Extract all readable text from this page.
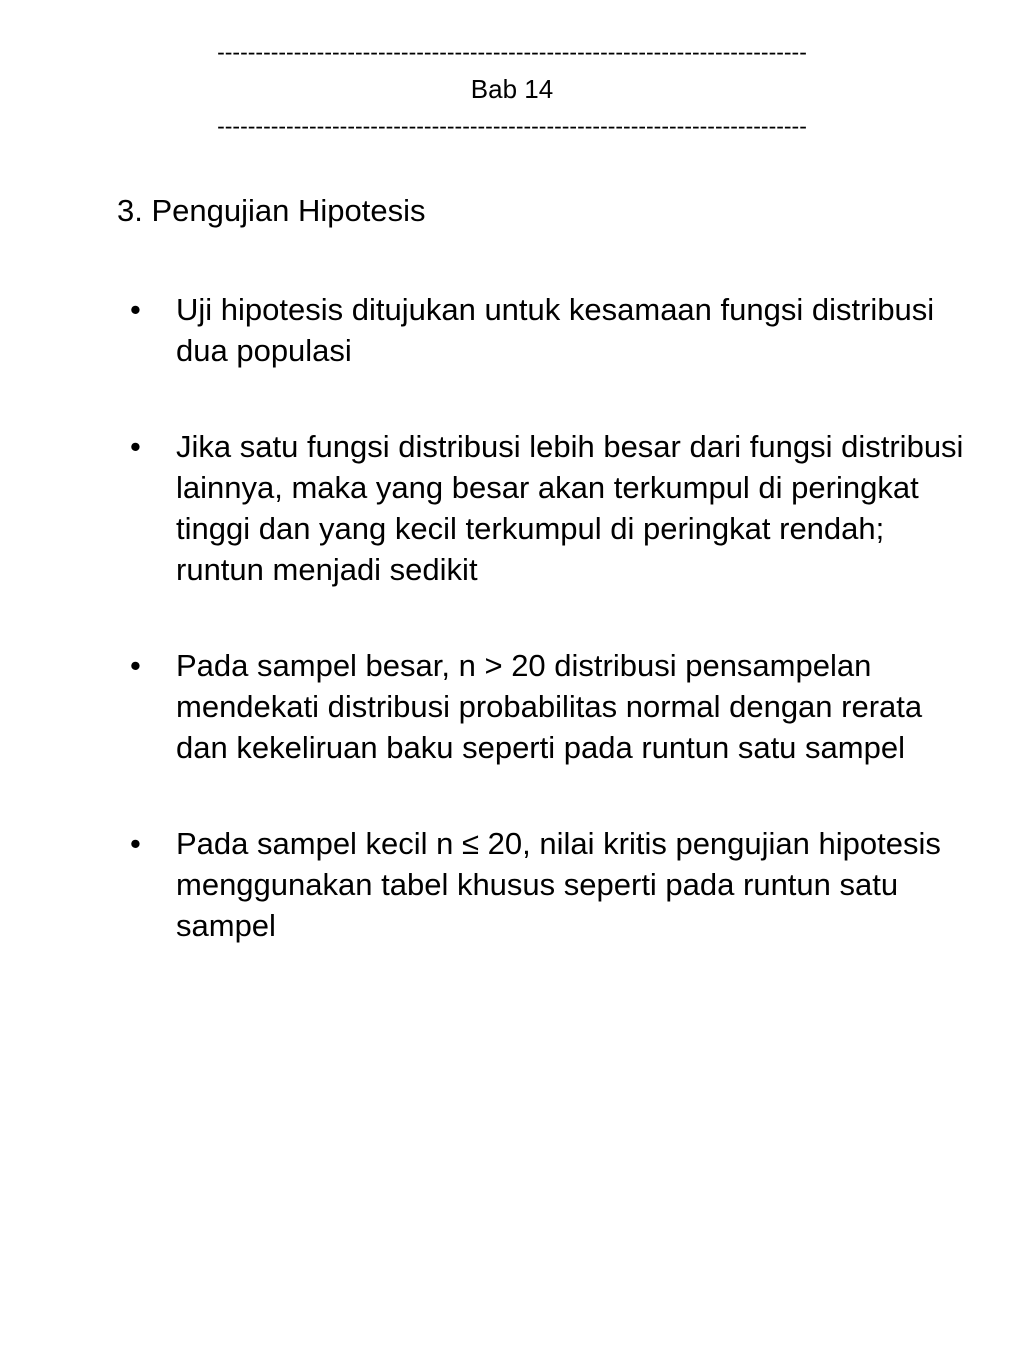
-----------------------------------------------------------------------------
Bab 14
-----------------------------------------------------------------------------
3. Pengujian Hipotesis
• Uji hipotesis ditujukan untuk kesamaan fungsi distribusi dua populasi
• Jika satu fungsi distribusi lebih besar dari fungsi distribusi lainnya, maka yang besar akan terkumpul di peringkat tinggi dan yang kecil terkumpul di peringkat rendah; runtun menjadi sedikit
• Pada sampel besar, n > 20 distribusi pensampelan mendekati distribusi probabilitas normal dengan rerata dan kekeliruan baku seperti pada runtun satu sampel
• Pada sampel kecil n ≤ 20, nilai kritis pengujian hipotesis menggunakan tabel khusus seperti pada runtun satu sampel
